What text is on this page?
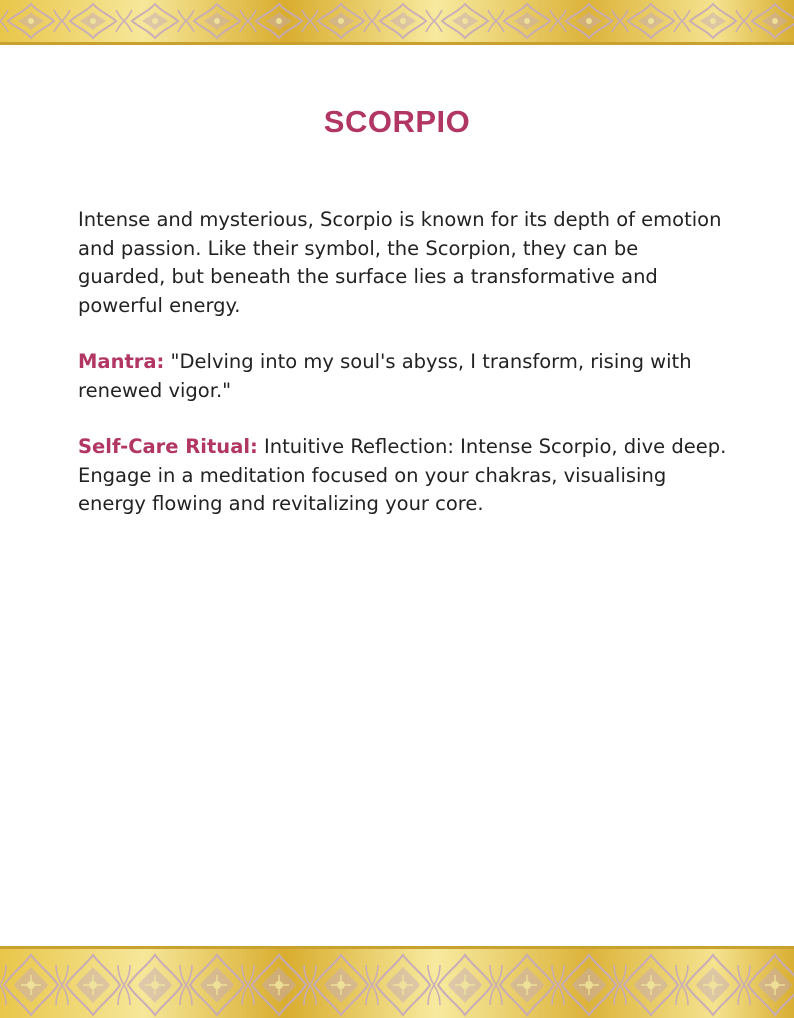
SCORPIO

Intense and mysterious, Scorpio is known for its depth of emotion and passion. Like their symbol, the Scorpion, they can be guarded, but beneath the surface lies a transformative and powerful energy.

Mantra: "Delving into my soul's abyss, I transform, rising with renewed vigor."

Self-Care Ritual: Intuitive Reflection: Intense Scorpio, dive deep. Engage in a meditation focused on your chakras, visualising energy flowing and revitalizing your core.
